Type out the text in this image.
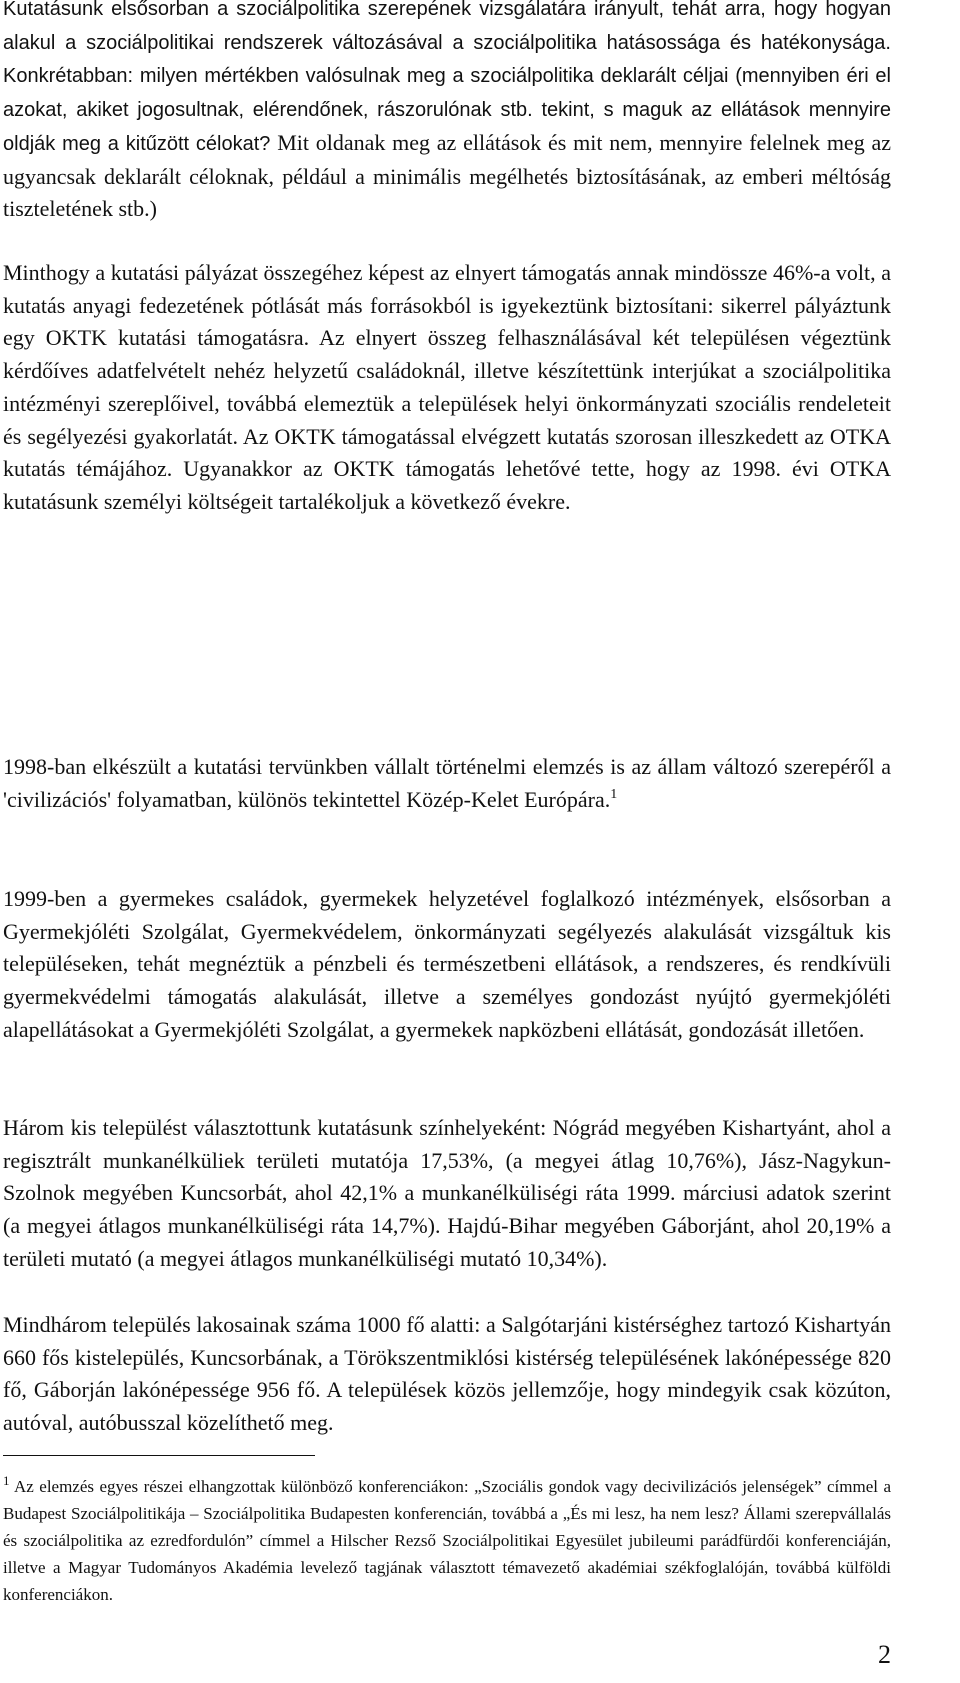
Kutatásunk elsősorban a szociálpolitika szerepének vizsgálatára irányult, tehát arra, hogy hogyan alakul a szociálpolitikai rendszerek változásával a szociálpolitika hatásossága és hatékonysága. Konkrétabban: milyen mértékben valósulnak meg a szociálpolitika deklarált céljai (mennyiben éri el azokat, akiket jogosultnak, elérendőnek, rászorulónak stb. tekint, s maguk az ellátások mennyire oldják meg a kitűzött célokat? Mit oldanak meg az ellátások és mit nem, mennyire felelnek meg az ugyancsak deklarált céloknak, például a minimális megélhetés biztosításának, az emberi méltóság tiszteletének stb.)

Minthogy a kutatási pályázat összegéhez képest az elnyert támogatás annak mindössze 46%-a volt, a kutatás anyagi fedezetének pótlását más forrásokból is igyekeztünk biztosítani: sikerrel pályáztunk egy OKTK kutatási támogatásra. Az elnyert összeg felhasználásával két településen végeztünk kérdőíves adatfelvételt nehéz helyzetű családoknál, illetve készítettünk interjúkat a szociálpolitika intézményi szereplőivel, továbbá elemeztük a települések helyi önkormányzati szociális rendeleteit és segélyezési gyakorlatát. Az OKTK támogatással elvégzett kutatás szorosan illeszkedett az OTKA kutatás témájához. Ugyanakkor az OKTK támogatás lehetővé tette, hogy az 1998. évi OTKA kutatásunk személyi költségeit tartalékoljuk a következő évekre.

1998-ban elkészült a kutatási tervünkben vállalt történelmi elemzés is az állam változó szerepéről a 'civilizációs' folyamatban, különös tekintettel Közép-Kelet Európára.$^1$

1999-ben a gyermekes családok, gyermekek helyzetével foglalkozó intézmények, elsősorban a Gyermekjóléti Szolgálat, Gyermekvédelem, önkormányzati segélyezés alakulását vizsgáltuk kis településeken, tehát megnéztük a pénzbeli és természetbeni ellátások, a rendszeres, és rendkívüli gyermekvédelmi támogatás alakulását, illetve a személyes gondozást nyújtó gyermekjóléti alapellátásokat a Gyermekjóléti Szolgálat, a gyermekek napközbeni ellátását, gondozását illetően.

Három kis települést választottunk kutatásunk színhelyeként: Nógrád megyében Kishartyánt, ahol a regisztrált munkanélküliek területi mutatója 17,53%, (a megyei átlag 10,76%), Jász-Nagykun-Szolnok megyében Kuncsorbát, ahol 42,1% a munkanélküliségi ráta 1999. márciusi adatok szerint (a megyei átlagos munkanélküliségi ráta 14,7%). Hajdú-Bihar megyében Gáborjánt, ahol 20,19% a területi mutató (a megyei átlagos munkanélküliségi mutató 10,34%).

Mindhárom település lakosainak száma 1000 fő alatti: a Salgótarjáni kistérséghez tartozó Kishartyán 660 fős kistelepülés, Kuncsorbának, a Törökszentmiklósi kistérség településének lakónépessége 820 fő, Gáborján lakónépessége 956 fő. A települések közös jellemzője, hogy mindegyik csak közúton, autóval, autóbusszal közelíthető meg.

$^1$ Az elemzés egyes részei elhangzottak különböző konferenciákon: „Szociális gondok vagy decivilizációs jelenségek” címmel a Budapest Szociálpolitikája – Szociálpolitika Budapesten konferencián, továbbá a „És mi lesz, ha nem lesz? Állami szerepvállalás és szociálpolitika az ezredfordulón” címmel a Hilscher Rezső Szociálpolitikai Egyesület jubileumi parádfürdői konferenciáján, illetve a Magyar Tudományos Akadémia levelező tagjának választott témavezető akadémiai székfoglalóján, továbbá külföldi konferenciákon.

2
